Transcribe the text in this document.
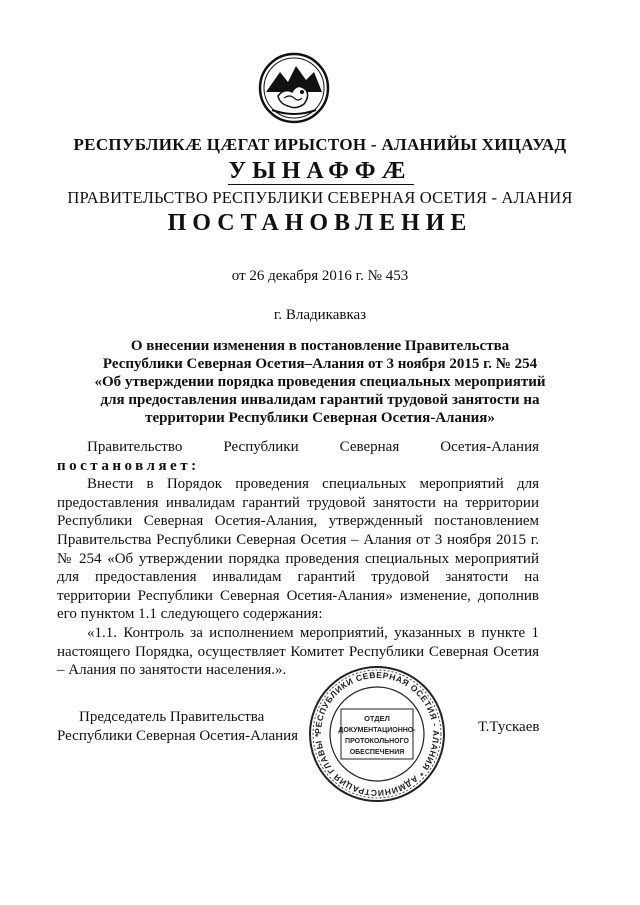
РЕСПУБЛИКÆ ЦÆГАТ ИРЫСТОН - АЛАНИЙЫ ХИЦАУАД
УЫНАФФÆ
ПРАВИТЕЛЬСТВО РЕСПУБЛИКИ СЕВЕРНАЯ ОСЕТИЯ - АЛАНИЯ
ПОСТАНОВЛЕНИЕ
от 26 декабря 2016 г. № 453
г. Владикавказ
О внесении изменения в постановление Правительства
Республики Северная Осетия–Алания от 3 ноября 2015 г. № 254
«Об утверждении порядка проведения специальных мероприятий
для предоставления инвалидам гарантий трудовой занятости на
территории Республики Северная Осетия-Алания»

Правительство Республики Северная Осетия-Алания

постановляет:

Внести в Порядок проведения специальных мероприятий для предоставления инвалидам гарантий трудовой занятости на территории Республики Северная Осетия-Алания, утвержденный постановлением Правительства Республики Северная Осетия – Алания от 3 ноября 2015 г. № 254 «Об утверждении порядка проведения специальных мероприятий для предоставления инвалидам гарантий трудовой занятости на территории Республики Северная Осетия-Алания» изменение, дополнив его пунктом 1.1 следующего содержания:

«1.1. Контроль за исполнением мероприятий, указанных в пункте 1 настоящего Порядка, осуществляет Комитет Республики Северная Осетия – Алания по занятости населения.».

Председатель Правительства
Республики Северная Осетия-Алания РЕСПУБЛИКИ СЕВЕРНАЯ ОСЕТИЯ - АЛАНИЯ * АДМИНИСТРАЦИЯ ГЛАВЫ *
ОТДЕЛ
ДОКУМЕНТАЦИОННО-
ПРОТОКОЛЬНОГО
ОБЕСПЕЧЕНИЯ
Т.Тускаев
